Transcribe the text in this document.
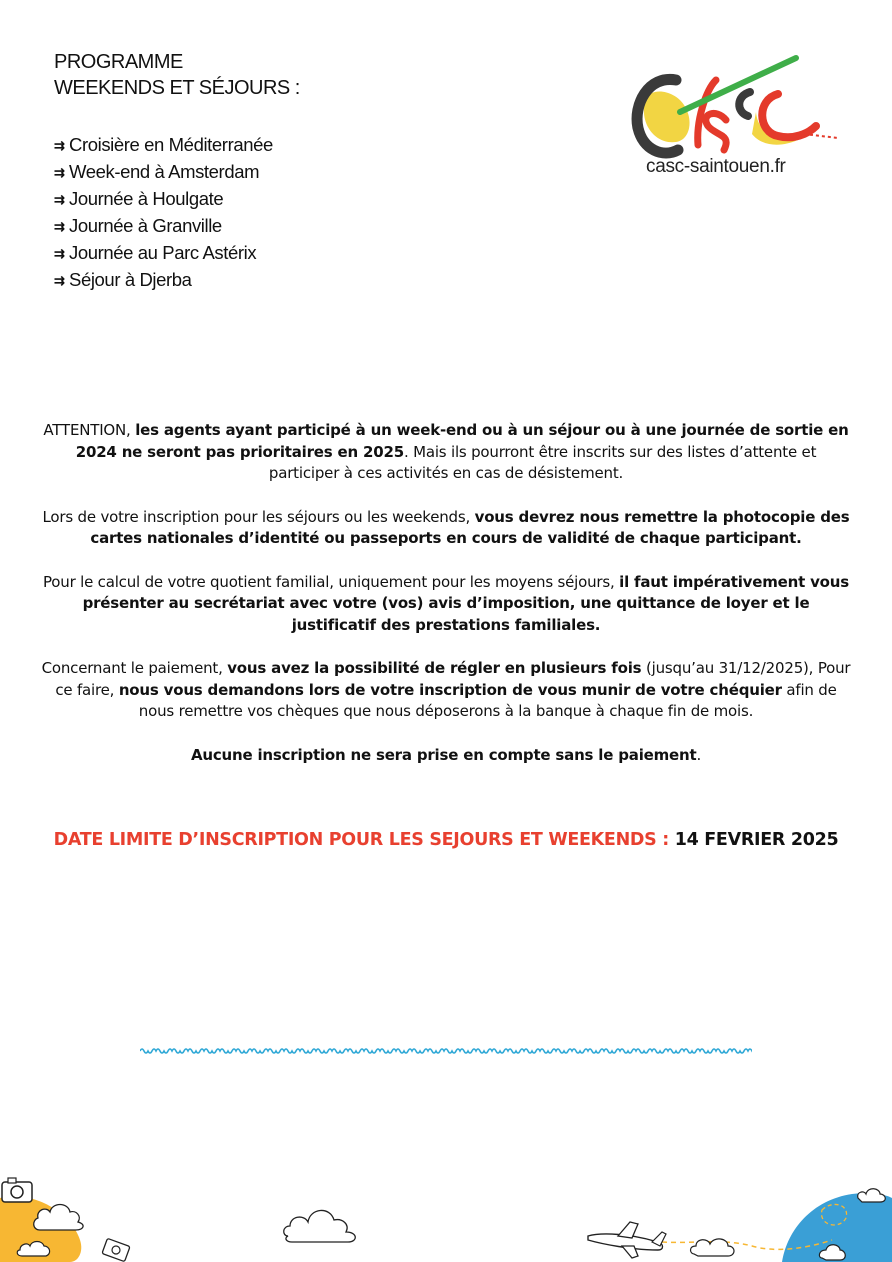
PROGRAMME
WEEKENDS ET SÉJOURS :
⇉ Croisière en Méditerranée
⇉ Week-end à Amsterdam
⇉ Journée à Houlgate
⇉ Journée à Granville
⇉ Journée au Parc Astérix
⇉ Séjour à Djerba
casc-saintouen.fr

ATTENTION, les agents ayant participé à un week-end ou à un séjour ou à une journée de sortie en 2024 ne seront pas prioritaires en 2025. Mais ils pourront être inscrits sur des listes d’attente et participer à ces activités en cas de désistement.

Lors de votre inscription pour les séjours ou les weekends, vous devrez nous remettre la photocopie des cartes nationales d’identité ou passeports en cours de validité de chaque participant.

Pour le calcul de votre quotient familial, uniquement pour les moyens séjours, il faut impérativement vous présenter au secrétariat avec votre (vos) avis d’imposition, une quittance de loyer et le justificatif des prestations familiales.

Concernant le paiement, vous avez la possibilité de régler en plusieurs fois (jusqu’au 31/12/2025), Pour ce faire, nous vous demandons lors de votre inscription de vous munir de votre chéquier afin de nous remettre vos chèques que nous déposerons à la banque à chaque fin de mois.

Aucune inscription ne sera prise en compte sans le paiement.

DATE LIMITE D’INSCRIPTION POUR LES SEJOURS ET WEEKENDS : 14 FEVRIER 2025
